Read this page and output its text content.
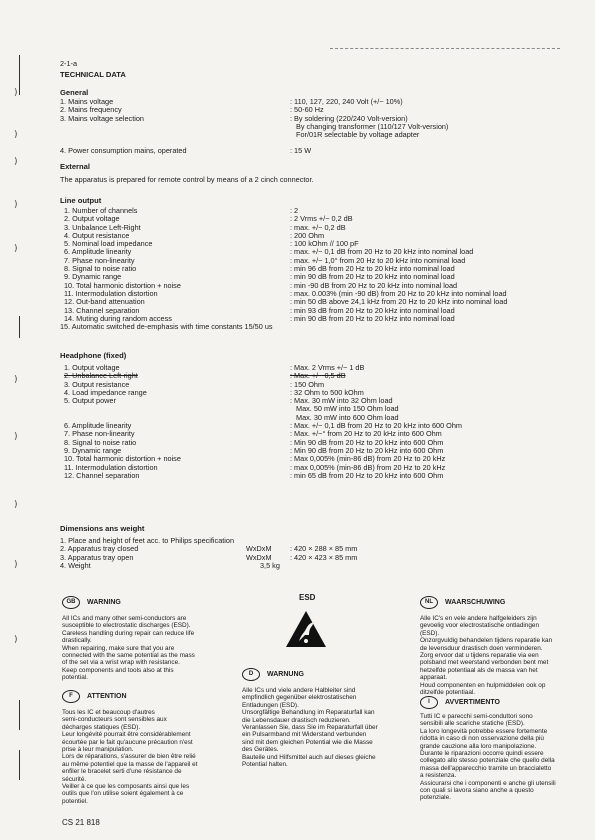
)
)
)
)
)
)
)
)
)
)
2-1-a
TECHNICAL DATA
General
1. Mains voltage	: 110, 127, 220, 240 Volt (+/− 10%)
2. Mains frequency	: 50-60 Hz
3. Mains voltage selection	: By soldering (220/240 Volt-version)
By changing transformer (110/127 Volt-version)
For/01R selectable by voltage adapter
4. Power consumption mains, operated	: 15 W
External
The apparatus is prepared for remote control by means of a 2 cinch connector.
Line output
1. Number of channels	: 2
2. Output voltage	: 2 Vrms +/− 0,2 dB
3. Unbalance Left-Right	: max. +/− 0,2 dB
4. Output resistance	: 200 Ohm
5. Nominal load impedance	: 100 kOhm // 100 pF
6. Amplitude linearity	: max. +/− 0,1 dB from 20 Hz to 20 kHz into nominal load
7. Phase non-linearity	: max. +/− 1,0° from 20 Hz to 20 kHz into nominal load
8. Signal to noise ratio	: min 96 dB from 20 Hz to 20 kHz into nominal load
9. Dynamic range	: min 90 dB from 20 Hz to 20 kHz into nominal load
10. Total harmonic distortion + noise	: min -90 dB from 20 Hz to 20 kHz into nominal load
11. Intermodulation distortion	: max. 0.003% (min -90 dB) from 20 Hz to 20 kHz into nominal load
12. Out-band attenuation	: min 50 dB above 24,1 kHz from 20 Hz to 20 kHz into nominal load
13. Channel separation	: min 93 dB from 20 Hz to 20 kHz into nominal load
14. Muting during random access	: min 90 dB from 20 Hz to 20 kHz into nominal load
15. Automatic switched de-emphasis with time constants 15/50 us
Headphone (fixed)
1. Output voltage	: Max. 2 Vrms +/− 1 dB
2. Unbalance Left-right	: Max. +/− 0,5 dB
3. Output resistance	: 150 Ohm
4. Load impedance range	: 32 Ohm to 500 kOhm
5. Output power	: Max. 30 mW into 32 Ohm load
Max. 50 mW into 150 Ohm load
Max. 30 mW into 600 Ohm load
6. Amplitude linearity	: Max. +/− 0,1 dB from 20 Hz to 20 kHz into 600 Ohm
7. Phase non-linearity	: Max. +/−° from 20 Hz to 20 kHz into 600 Ohm
8. Signal to noise ratio	: Min 90 dB from 20 Hz to 20 kHz into 600 Ohm
9. Dynamic range	: Min 90 dB from 20 Hz to 20 kHz into 600 Ohm
10. Total harmonic distortion + noise	: Max 0,005% (min-86 dB) from 20 Hz to 20 kHz
11. Intermodulation distortion	: max 0,005% (min-86 dB) from 20 Hz to 20 kHz
12. Channel separation	: min 65 dB from 20 Hz to 20 kHz into 600 Ohm
Dimensions ans weight
1. Place and height of feet acc. to Philips specification
2. Apparatus tray closed	WxDxM	: 420 × 288 × 85 mm
3. Apparatus tray open	WxDxM	: 420 × 423 × 85 mm
4. Weight	3,5 kg
GB	WARNING
All ICs and many other semi-conductors are
susceptible to electrostatic discharges (ESD).
Careless handling during repair can reduce life
drastically.
When repairing, make sure that you are
connected with the same potential as the mass
of the set via a wrist wrap with resistance.
Keep components and tools also at this
potential.
F	ATTENTION
Tous les IC et beaucoup d'autres
semi-conducteurs sont sensibles aux
décharges statiques (ESD).
Leur longévité pourrait être considérablement
écourtée par le fait qu'aucune précaution n'est
prise à leur manipulation.
Lors de réparations, s'assurer de bien être relié
au même potentiel que la masse de l'appareil et
enfiler le bracelet serti d'une résistance de
sécurité.
Veiller à ce que les composants ainsi que les
outils que l'on utilise soient également à ce
potentiel.
ESD
D	WARNUNG
Alle ICs und viele andere Halbleiter sind
empfindlich gegenüber elektrostatischen
Entladungen (ESD).
Unsorgfältige Behandlung im Reparaturfall kan
die Lebensdauer drastisch reduzieren.
Veranlassen Sie, dass Sie im Reparaturfall über
ein Pulsarmband mit Widerstand verbunden
sind mit dem gleichen Potential wie die Masse
des Gerätes.
Bauteile und Hilfsmittel auch auf dieses gleiche
Potential halten.
NL	WAARSCHUWING
Alle IC's en vele andere halfgeleiders zijn
gevoelig voor electrostatische ontladingen
(ESD).
Onzorgvuldig behandelen tijdens reparatie kan
de levensduur drastisch doen verminderen.
Zorg ervoor dat u tijdens reparatie via een
polsband met weerstand verbonden bent met
hetzelfde potentiaal als de massa van het
apparaat.
Houd componenten en hulpmiddelen ook op
ditzelfde potentiaal.
I	AVVERTIMENTO
Tutti IC e parecchi semi-conduttori sono
sensibili alle scariche statiche (ESD).
La loro longevità potrebbe essere fortemente
ridotta in caso di non osservazione della più
grande cauzione alla loro manipolazione.
Durante le riparazioni occorre quindi essere
collegato allo stesso potenziale che quello della
massa dell'apparecchio tramite un braccialetto
a resistenza.
Assicurarsi che i componenti e anche gli utensili
con quali si lavora siano anche a questo
potenziale.
CS 21 818
